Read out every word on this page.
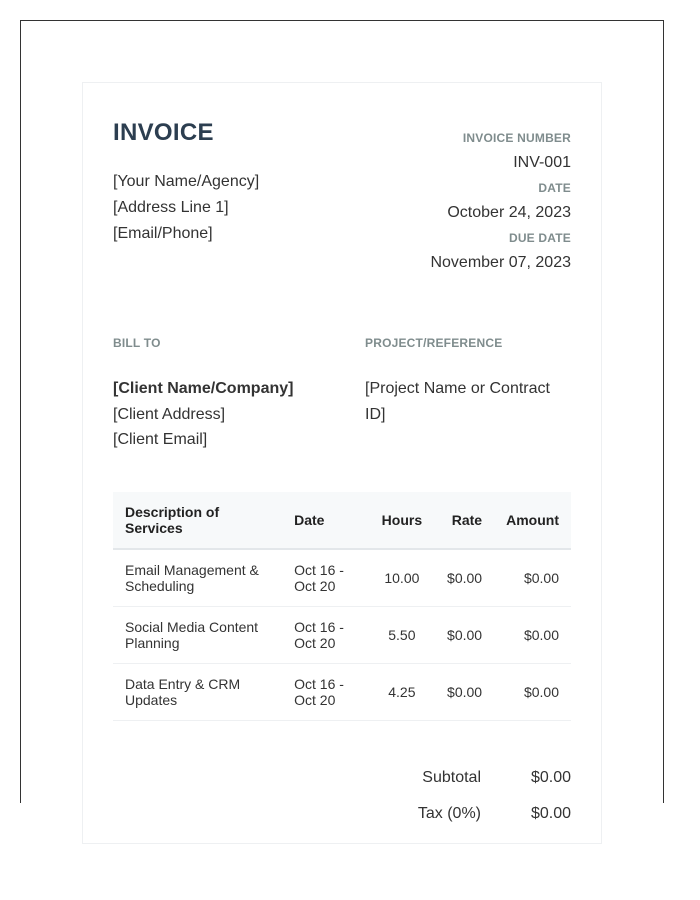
INVOICE
[Your Name/Agency]
[Address Line 1]
[Email/Phone]
INVOICE NUMBER
INV-001
DATE
October 24, 2023
DUE DATE
November 07, 2023
BILL TO
[Client Name/Company]
[Client Address]
[Client Email]
PROJECT/REFERENCE
[Project Name or Contract ID]
Description of Services	Date	Hours	Rate	Amount
Email Management & Scheduling	Oct 16 - Oct 20	10.00	$0.00	$0.00
Social Media Content Planning	Oct 16 - Oct 20	5.50	$0.00	$0.00
Data Entry & CRM Updates	Oct 16 - Oct 20	4.25	$0.00	$0.00
Subtotal	$0.00
Tax (0%)	$0.00
